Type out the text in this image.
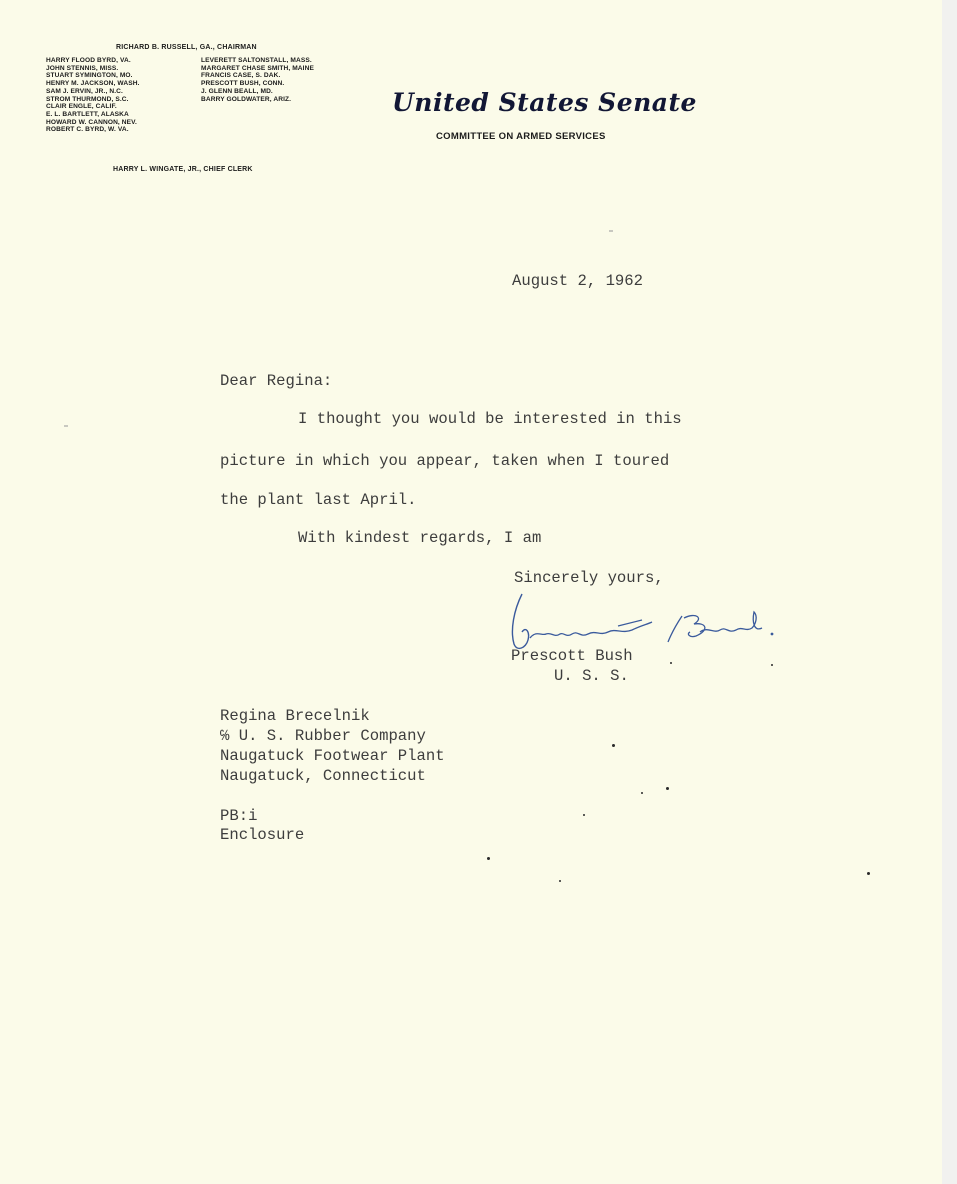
RICHARD B. RUSSELL, GA., CHAIRMAN
HARRY FLOOD BYRD, VA.
JOHN STENNIS, MISS.
STUART SYMINGTON, MO.
HENRY M. JACKSON, WASH.
SAM J. ERVIN, JR., N.C.
STROM THURMOND, S.C.
CLAIR ENGLE, CALIF.
E. L. BARTLETT, ALASKA
HOWARD W. CANNON, NEV.
ROBERT C. BYRD, W. VA.
LEVERETT SALTONSTALL, MASS.
MARGARET CHASE SMITH, MAINE
FRANCIS CASE, S. DAK.
PRESCOTT BUSH, CONN.
J. GLENN BEALL, MD.
BARRY GOLDWATER, ARIZ.
HARRY L. WINGATE, JR., CHIEF CLERK
United States Senate
COMMITTEE ON ARMED SERVICES
August 2, 1962
Dear Regina:
I thought you would be interested in this
picture in which you appear, taken when I toured
the plant last April.
With kindest regards, I am
Sincerely yours,
Prescott Bush
U. S. S.
Regina Brecelnik
℅ U. S. Rubber Company
Naugatuck Footwear Plant
Naugatuck, Connecticut
PB:i
Enclosure
